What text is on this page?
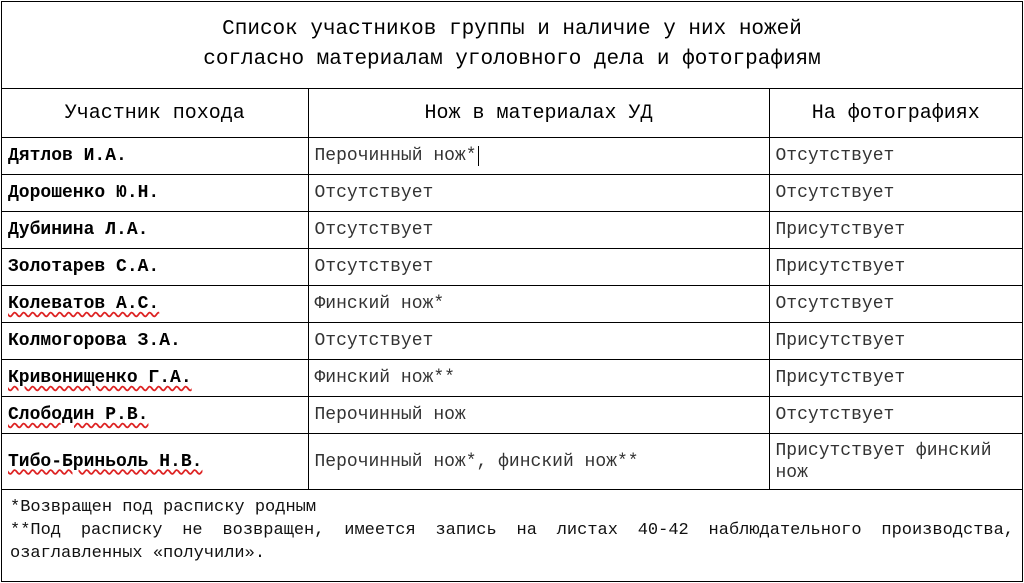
Список участников группы и наличие у них ножей
согласно материалам уголовного дела и фотографиям
Участник похода	Нож в материалах УД	На фотографиях
Дятлов И.А.	Перочинный нож*	Отсутствует
Дорошенко Ю.Н.	Отсутствует	Отсутствует
Дубинина Л.А.	Отсутствует	Присутствует
Золотарев С.А.	Отсутствует	Присутствует
Колеватов А.С.	Финский нож*	Отсутствует
Колмогорова З.А.	Отсутствует	Присутствует
Кривонищенко Г.А.	Финский нож**	Присутствует
Слободин Р.В.	Перочинный нож	Отсутствует
Тибо-Бриньоль Н.В.	Перочинный нож*, финский нож**	Присутствует финский нож
*Возвращен под расписку родным
**Под расписку не возвращен, имеется запись на листах 40-42 наблюдательного производства, озаглавленных «получили».
